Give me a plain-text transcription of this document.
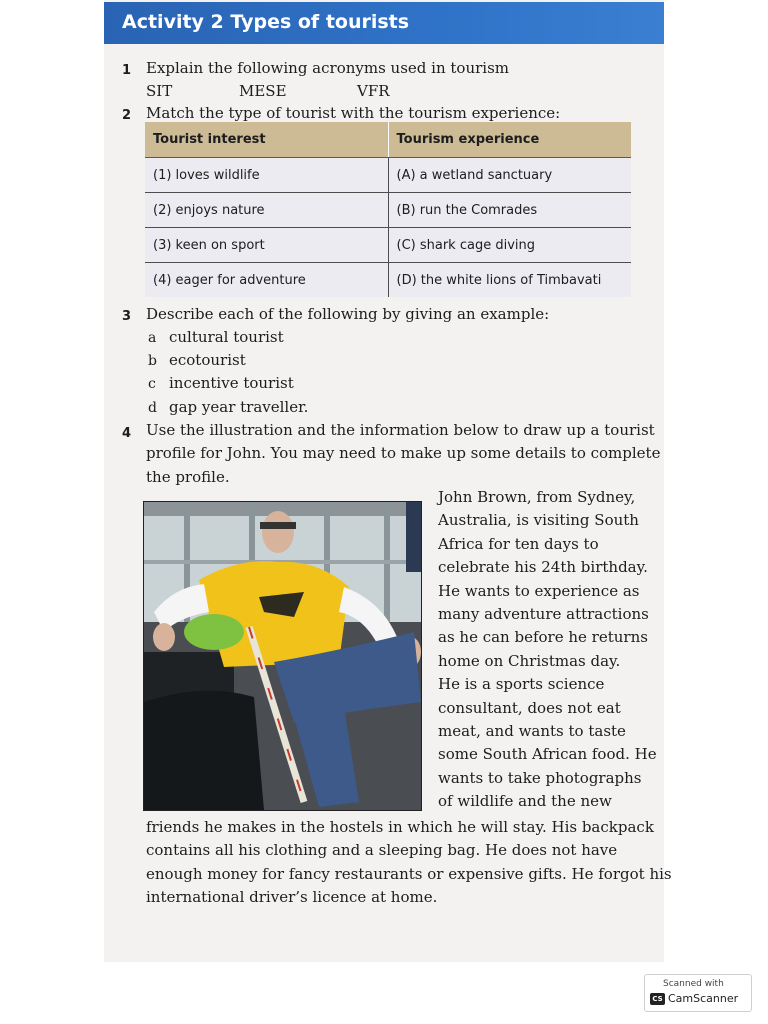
Activity 2 Types of tourists
1 Explain the following acronyms used in tourism
SIT	MESE	VFR
2 Match the type of tourist with the tourism experience:
Tourist interest	Tourism experience
(1) loves wildlife	(A) a wetland sanctuary
(2) enjoys nature	(B) run the Comrades
(3) keen on sport	(C) shark cage diving
(4) eager for adventure	(D) the white lions of Timbavati
3 Describe each of the following by giving an example:
a cultural tourist
b ecotourist
c incentive tourist
d gap year traveller.
4 Use the illustration and the information below to draw up a tourist
profile for John. You may need to make up some details to complete
the profile.
John Brown, from Sydney,
Australia, is visiting South
Africa for ten days to
celebrate his 24th birthday.
He wants to experience as
many adventure attractions
as he can before he returns
home on Christmas day.
He is a sports science
consultant, does not eat
meat, and wants to taste
some South African food. He
wants to take photographs
of wildlife and the new
friends he makes in the hostels in which he will stay. His backpack
contains all his clothing and a sleeping bag. He does not have
enough money for fancy restaurants or expensive gifts. He forgot his
international driver’s licence at home.
Scanned with
CS CamScanner
